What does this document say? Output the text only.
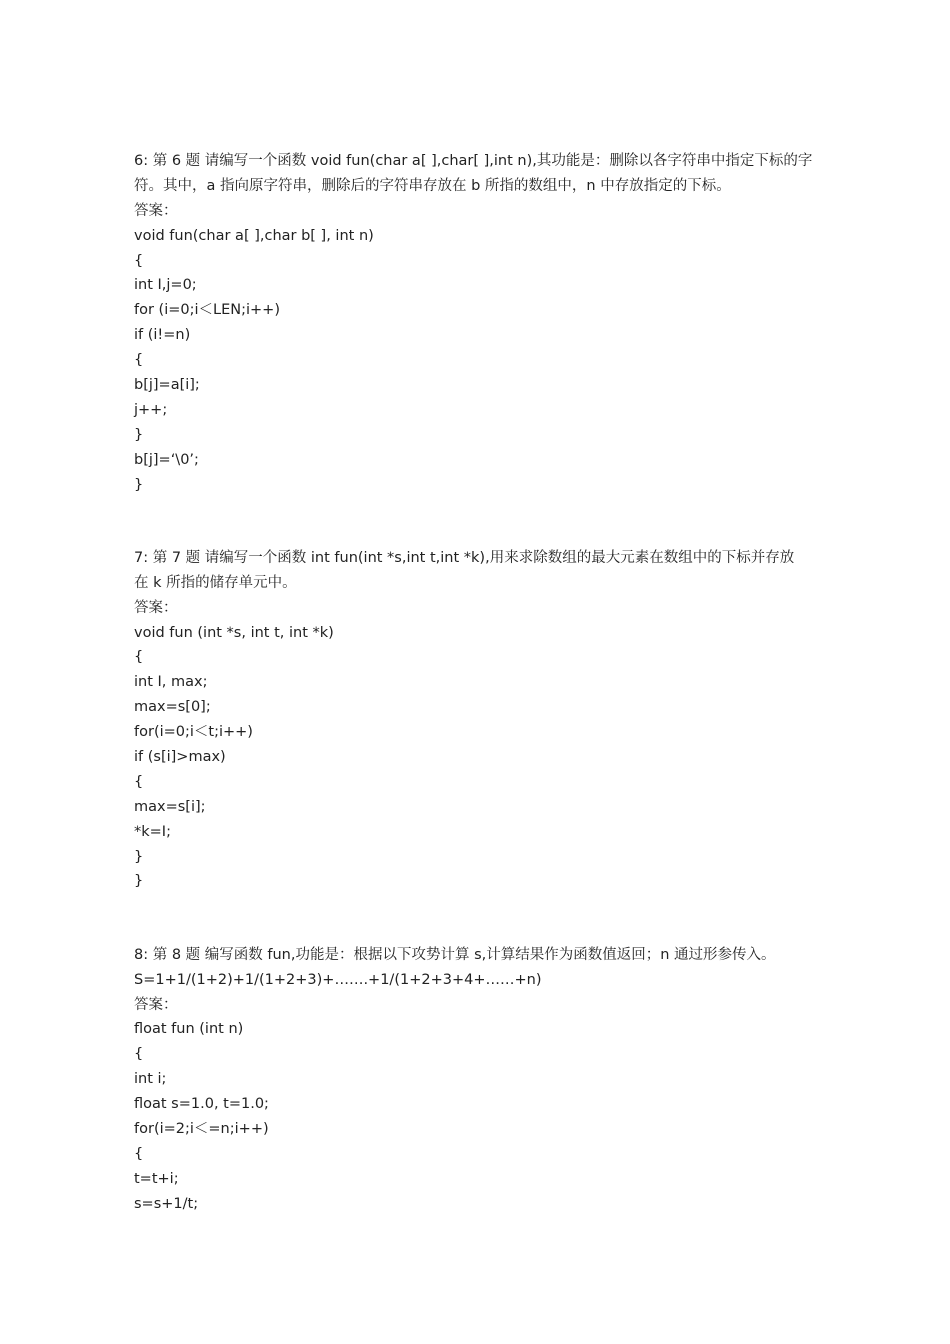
6: 第 6 题 请编写一个函数 void fun(char a[ ],char[ ],int n),其功能是：删除以各字符串中指定下标的字
符。其中，a 指向原字符串，删除后的字符串存放在 b 所指的数组中，n 中存放指定的下标。
答案：
void fun(char a[ ],char b[ ], int n)
{
int I,j=0;
for (i=0;i＜LEN;i++)
if (i!=n)
{
b[j]=a[i];
j++;
}
b[j]=‘\0’;
}
7: 第 7 题 请编写一个函数 int fun(int *s,int t,int *k),用来求除数组的最大元素在数组中的下标并存放
在 k 所指的储存单元中。
答案：
void fun (int *s, int t, int *k)
{
int I, max;
max=s[0];
for(i=0;i＜t;i++)
if (s[i]>max)
{
max=s[i];
*k=I;
}
}
8: 第 8 题 编写函数 fun,功能是：根据以下攻势计算 s,计算结果作为函数值返回；n 通过形参传入。
S=1+1/(1+2)+1/(1+2+3)+…….+1/(1+2+3+4+……+n)
答案：
float fun (int n)
{
int i;
float s=1.0, t=1.0;
for(i=2;i＜=n;i++)
{
t=t+i;
s=s+1/t;
